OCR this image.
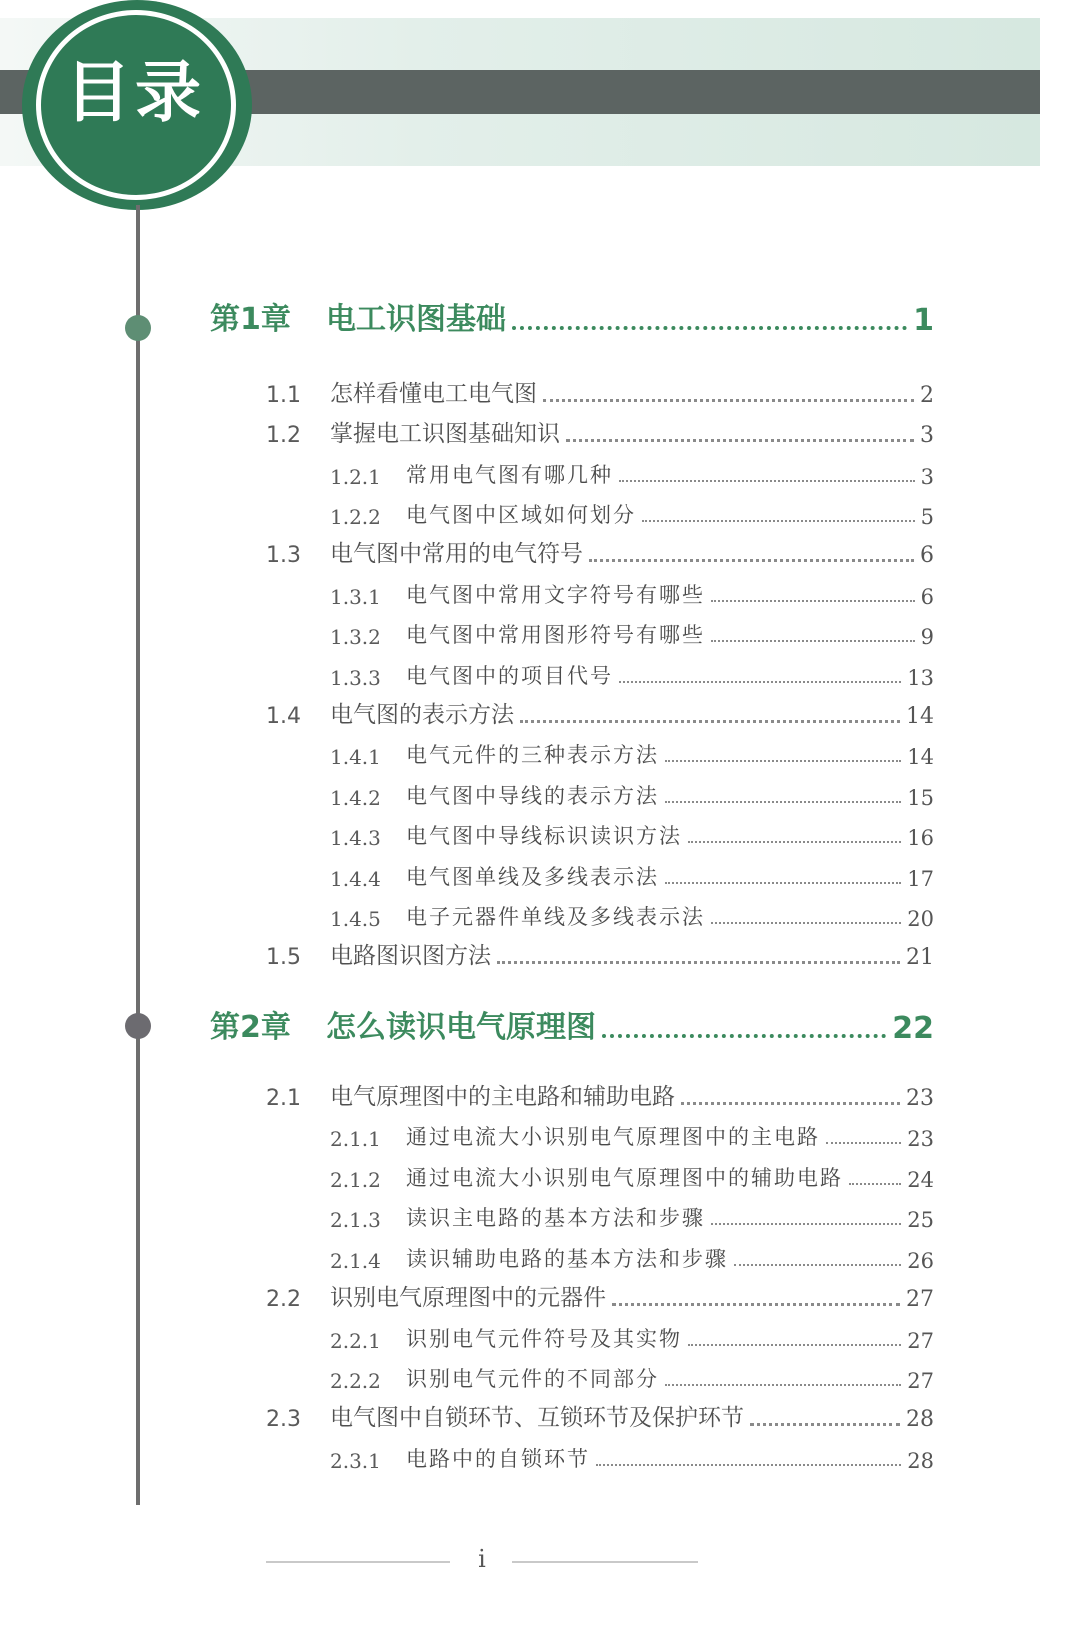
目录
第1章	电工识图基础	1
1.1	怎样看懂电工电气图	2
1.2	掌握电工识图基础知识	3
1.2.1	常用电气图有哪几种	3
1.2.2	电气图中区域如何划分	5
1.3	电气图中常用的电气符号	6
1.3.1	电气图中常用文字符号有哪些	6
1.3.2	电气图中常用图形符号有哪些	9
1.3.3	电气图中的项目代号	13
1.4	电气图的表示方法	14
1.4.1	电气元件的三种表示方法	14
1.4.2	电气图中导线的表示方法	15
1.4.3	电气图中导线标识读识方法	16
1.4.4	电气图单线及多线表示法	17
1.4.5	电子元器件单线及多线表示法	20
1.5	电路图识图方法	21
第2章	怎么读识电气原理图	22
2.1	电气原理图中的主电路和辅助电路	23
2.1.1	通过电流大小识别电气原理图中的主电路	23
2.1.2	通过电流大小识别电气原理图中的辅助电路	24
2.1.3	读识主电路的基本方法和步骤	25
2.1.4	读识辅助电路的基本方法和步骤	26
2.2	识别电气原理图中的元器件	27
2.2.1	识别电气元件符号及其实物	27
2.2.2	识别电气元件的不同部分	27
2.3	电气图中自锁环节、互锁环节及保护环节	28
2.3.1	电路中的自锁环节	28
i
